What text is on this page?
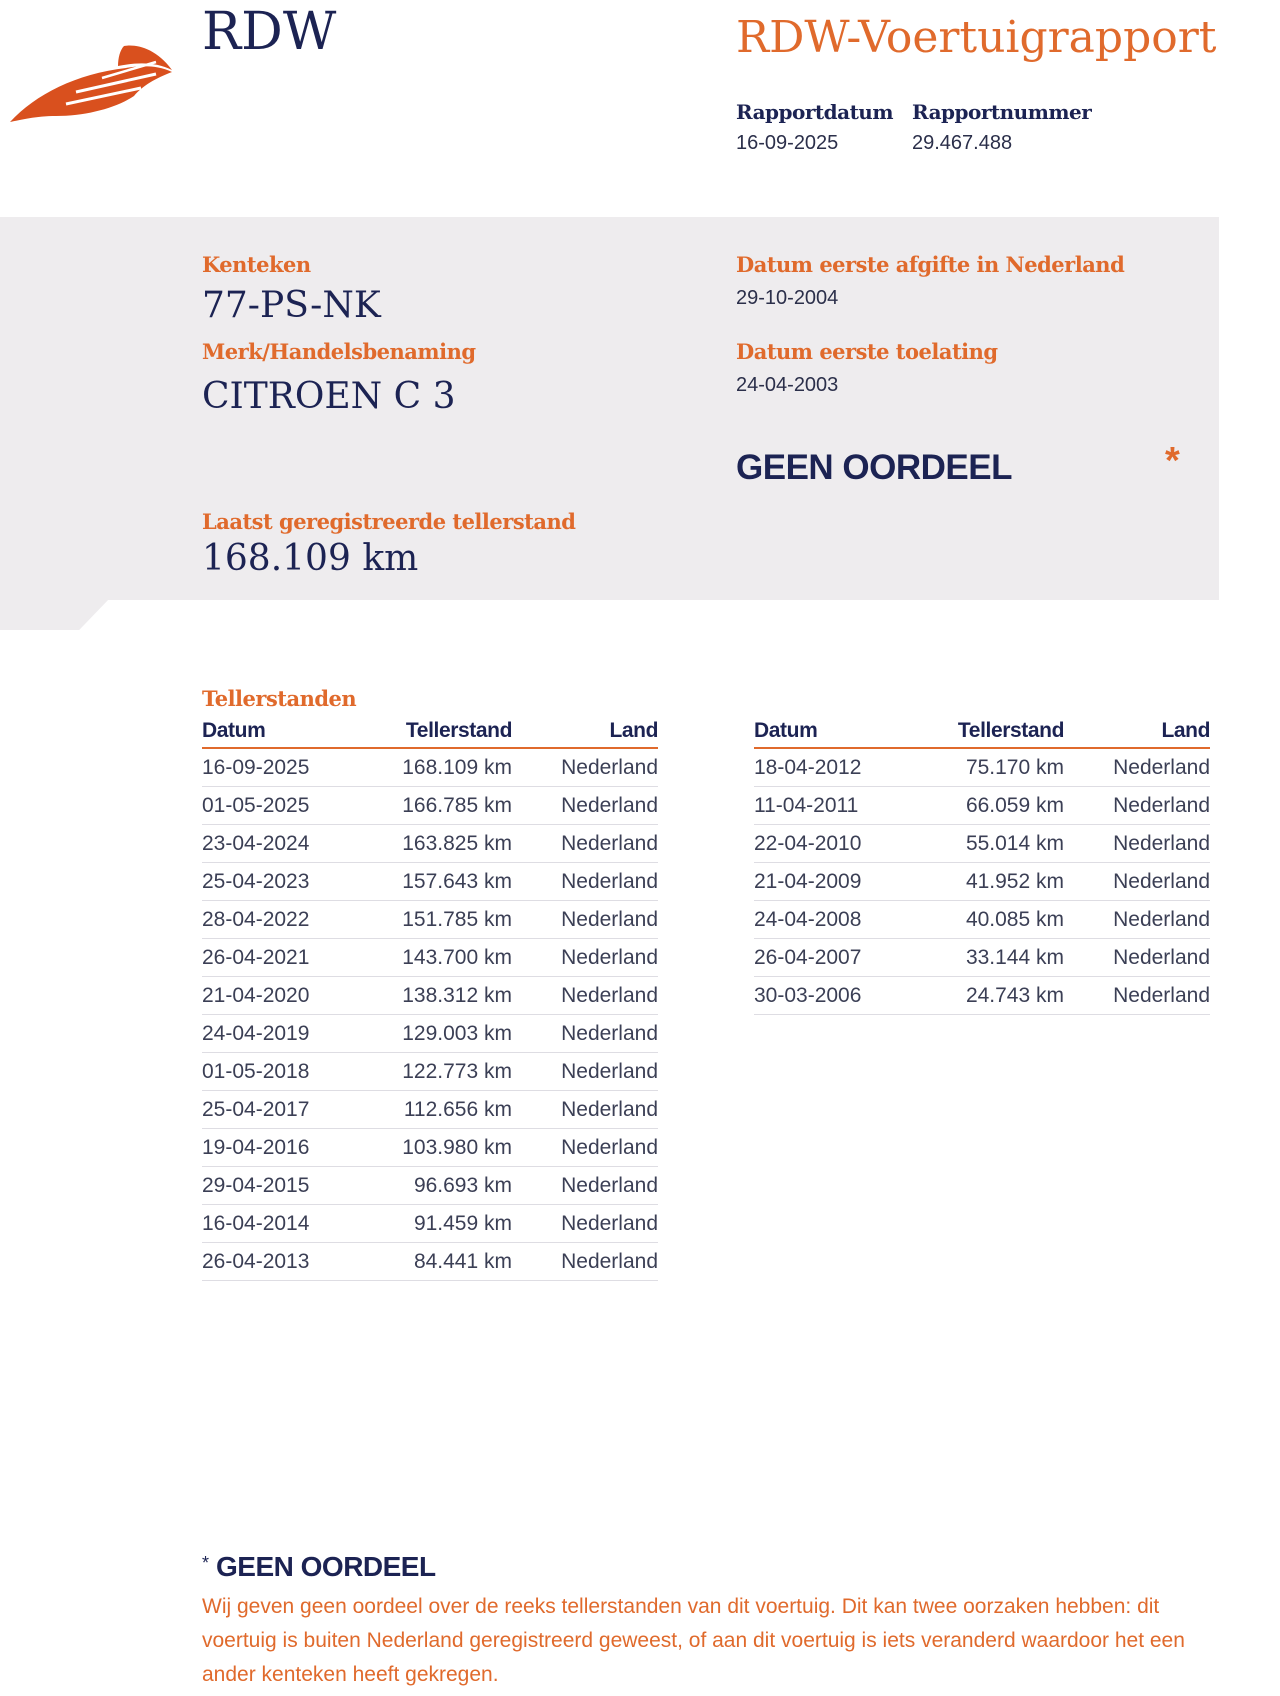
RDW	RDW-Voertuigrapport
Rapportdatum
16-09-2025
Rapportnummer
29.467.488
Kenteken
77-PS-NK
Merk/Handelsbenaming
CITROEN C 3
Datum eerste afgifte in Nederland
29-10-2004
Datum eerste toelating
24-04-2003
GEEN OORDEEL	*
Laatst geregistreerde tellerstand
168.109 km
Tellerstanden
Datum	Tellerstand	Land
16-09-2025	168.109 km	Nederland
01-05-2025	166.785 km	Nederland
23-04-2024	163.825 km	Nederland
25-04-2023	157.643 km	Nederland
28-04-2022	151.785 km	Nederland
26-04-2021	143.700 km	Nederland
21-04-2020	138.312 km	Nederland
24-04-2019	129.003 km	Nederland
01-05-2018	122.773 km	Nederland
25-04-2017	112.656 km	Nederland
19-04-2016	103.980 km	Nederland
29-04-2015	96.693 km	Nederland
16-04-2014	91.459 km	Nederland
26-04-2013	84.441 km	Nederland
Datum	Tellerstand	Land
18-04-2012	75.170 km	Nederland
11-04-2011	66.059 km	Nederland
22-04-2010	55.014 km	Nederland
21-04-2009	41.952 km	Nederland
24-04-2008	40.085 km	Nederland
26-04-2007	33.144 km	Nederland
30-03-2006	24.743 km	Nederland
* GEEN OORDEEL
Wij geven geen oordeel over de reeks tellerstanden van dit voertuig. Dit kan twee oorzaken hebben: dit voertuig is buiten Nederland geregistreerd geweest, of aan dit voertuig is iets veranderd waardoor het een ander kenteken heeft gekregen.
